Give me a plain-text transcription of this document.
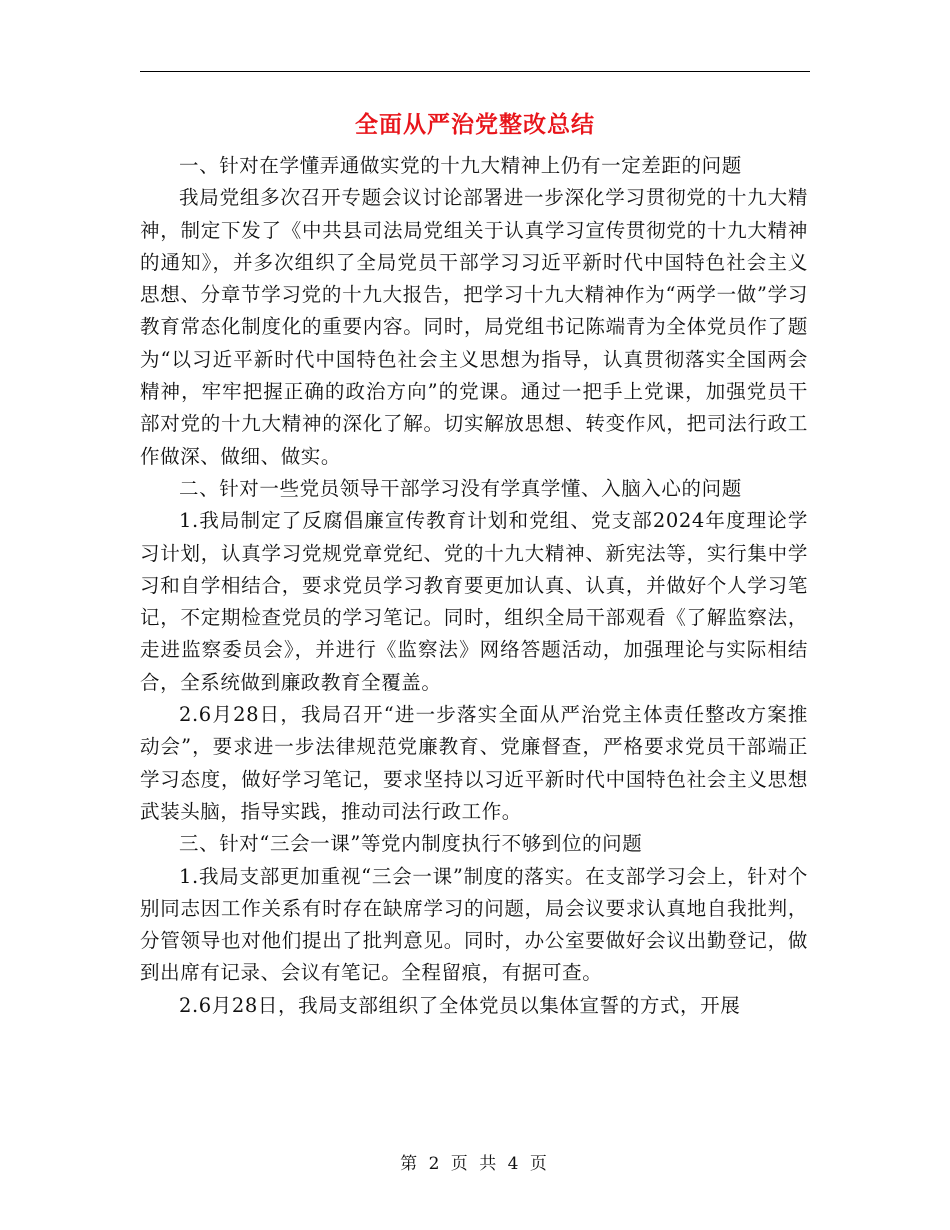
全面从严治党整改总结

一、针对在学懂弄通做实党的十九大精神上仍有一定差距的问题

我局党组多次召开专题会议讨论部署进一步深化学习贯彻党的十九大精神，制定下发了《中共县司法局党组关于认真学习宣传贯彻党的十九大精神的通知》，并多次组织了全局党员干部学习习近平新时代中国特色社会主义思想、分章节学习党的十九大报告，把学习十九大精神作为“两学一做”学习教育常态化制度化的重要内容。同时，局党组书记陈端青为全体党员作了题为“以习近平新时代中国特色社会主义思想为指导，认真贯彻落实全国两会精神，牢牢把握正确的政治方向”的党课。通过一把手上党课，加强党员干部对党的十九大精神的深化了解。切实解放思想、转变作风，把司法行政工作做深、做细、做实。

二、针对一些党员领导干部学习没有学真学懂、入脑入心的问题

1.我局制定了反腐倡廉宣传教育计划和党组、党支部2024年度理论学习计划，认真学习党规党章党纪、党的十九大精神、新宪法等，实行集中学习和自学相结合，要求党员学习教育要更加认真、认真，并做好个人学习笔记，不定期检查党员的学习笔记。同时，组织全局干部观看《了解监察法，走进监察委员会》，并进行《监察法》网络答题活动，加强理论与实际相结合，全系统做到廉政教育全覆盖。

2.6月28日，我局召开“进一步落实全面从严治党主体责任整改方案推动会”，要求进一步法律规范党廉教育、党廉督查，严格要求党员干部端正学习态度，做好学习笔记，要求坚持以习近平新时代中国特色社会主义思想武装头脑，指导实践，推动司法行政工作。

三、针对“三会一课”等党内制度执行不够到位的问题

1.我局支部更加重视“三会一课”制度的落实。在支部学习会上，针对个别同志因工作关系有时存在缺席学习的问题，局会议要求认真地自我批判，分管领导也对他们提出了批判意见。同时，办公室要做好会议出勤登记，做到出席有记录、会议有笔记。全程留痕，有据可查。

2.6月28日，我局支部组织了全体党员以集体宣誓的方式，开展

第 2 页 共 4 页
